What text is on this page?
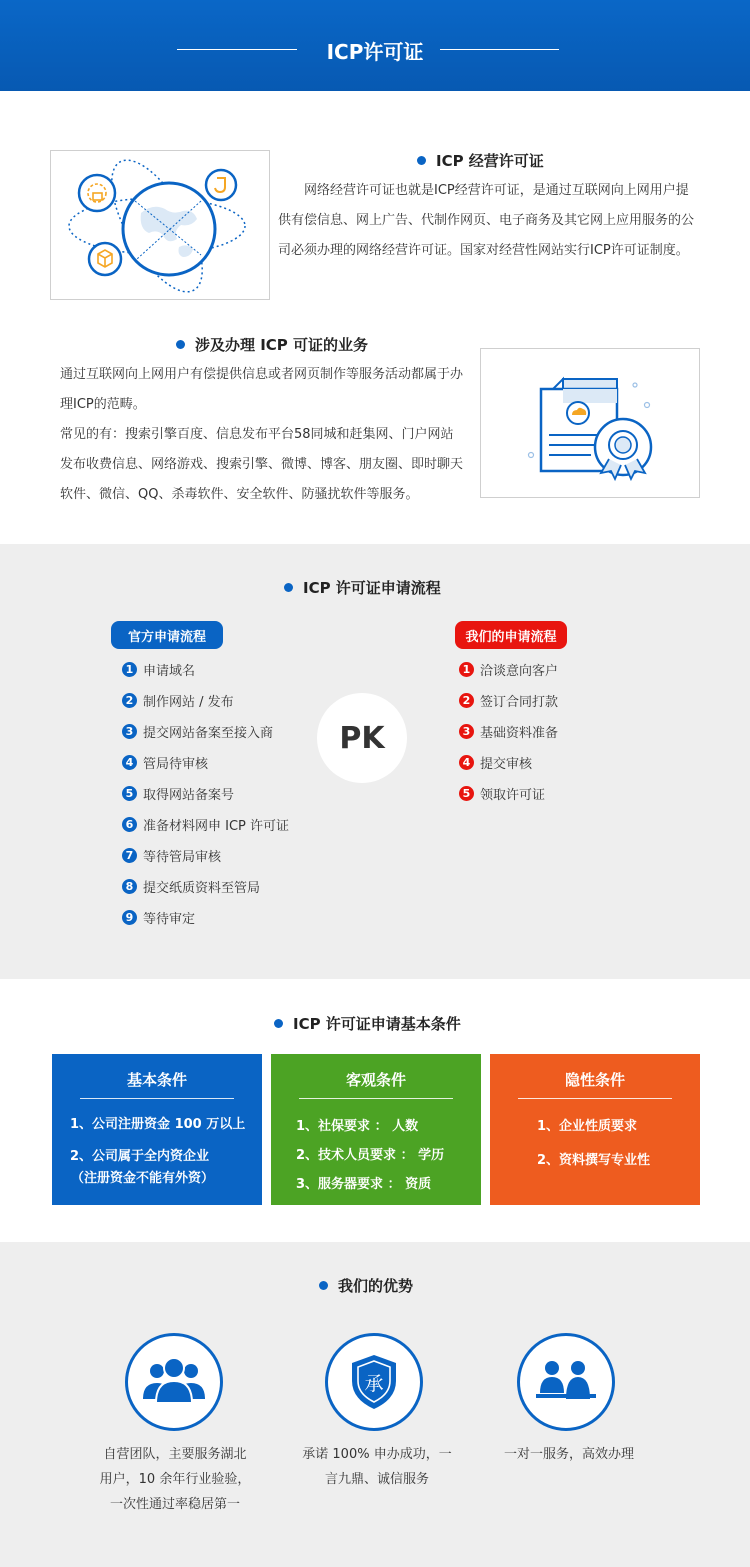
ICP许可证
ICP 经营许可证
　　网络经营许可证也就是ICP经营许可证，是通过互联网向上网用户提供有偿信息、网上广告、代制作网页、电子商务及其它网上应用服务的公司必须办理的网络经营许可证。国家对经营性网站实行ICP许可证制度。
涉及办理 ICP 可证的业务
通过互联网向上网用户有偿提供信息或者网页制作等服务活动都属于办理ICP的范畴。
常见的有：搜索引擎百度、信息发布平台58同城和赶集网、门户网站发布收费信息、网络游戏、搜索引擎、微博、博客、朋友圈、即时聊天软件、微信、QQ、杀毒软件、安全软件、防骚扰软件等服务。
ICP 许可证申请流程
官方申请流程
1 申请域名
2 制作网站 / 发布
3 提交网站备案至接入商
4 管局待审核
5 取得网站备案号
6 准备材料网申 ICP 许可证
7 等待管局审核
8 提交纸质资料至管局
9 等待审定
PK
我们的申请流程
1 洽谈意向客户
2 签订合同打款
3 基础资料准备
4 提交审核
5 领取许可证
ICP 许可证申请基本条件
基本条件
1、公司注册资金 100 万以上
2、公司属于全内资企业
（注册资金不能有外资）
客观条件
1、社保要求 ： 人数
2、技术人员要求 ： 学历
3、服务器要求 ： 资质
隐性条件
1、企业性质要求
2、资料撰写专业性
我们的优势
承
自营团队，主要服务湖北
用户，10 余年行业验验，
一次性通过率稳居第一
承诺 100% 申办成功，一
言九鼎、诚信服务
一对一服务，高效办理
